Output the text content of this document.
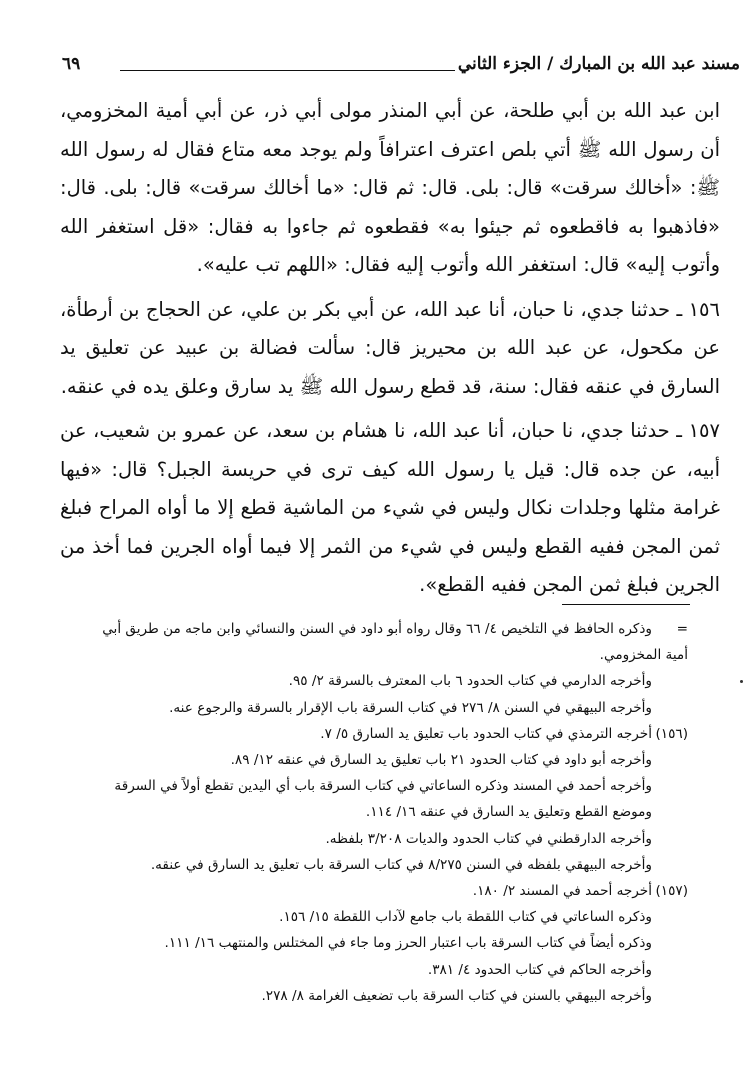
مسند عبد الله بن المبارك / الجزء الثاني
٦٩

ابن عبد الله بن أبي طلحة، عن أبي المنذر مولى أبي ذر، عن أبي أمية المخزومي، أن رسول الله ﷺ أتي بلص اعترف اعترافاً ولم يوجد معه متاع فقال له رسول الله ﷺ: «أخالك سرقت» قال: بلى. قال: ثم قال: «ما أخالك سرقت» قال: بلى. قال: «فاذهبوا به فاقطعوه ثم جيئوا به» فقطعوه ثم جاءوا به فقال: «قل استغفر الله وأتوب إليه» قال: استغفر الله وأتوب إليه فقال: «اللهم تب عليه».

١٥٦ ـ حدثنا جدي، نا حبان، أنا عبد الله، عن أبي بكر بن علي، عن الحجاج بن أرطأة، عن مكحول، عن عبد الله بن محيريز قال: سألت فضالة بن عبيد عن تعليق يد السارق في عنقه فقال: سنة، قد قطع رسول الله ﷺ يد سارق وعلق يده في عنقه.

١٥٧ ـ حدثنا جدي، نا حبان، أنا عبد الله، نا هشام بن سعد، عن عمرو بن شعيب، عن أبيه، عن جده قال: قيل يا رسول الله كيف ترى في حريسة الجبل؟ قال: «فيها غرامة مثلها وجلدات نكال وليس في شيء من الماشية قطع إلا ما أواه المراح فبلغ ثمن المجن ففيه القطع وليس في شيء من الثمر إلا فيما أواه الجرين فما أخذ من الجرين فبلغ ثمن المجن ففيه القطع».

=وذكره الحافظ في التلخيص ٤/ ٦٦ وقال رواه أبو داود في السنن والنسائي وابن ماجه من طريق أبي أمية المخزومي.

وأخرجه الدارمي في كتاب الحدود ٦ باب المعترف بالسرقة ٢/ ٩٥.

وأخرجه البيهقي في السنن ٨/ ٢٧٦ في كتاب السرقة باب الإقرار بالسرقة والرجوع عنه.

(١٥٦)أخرجه الترمذي في كتاب الحدود باب تعليق يد السارق ٥/ ٧.

وأخرجه أبو داود في كتاب الحدود ٢١ باب تعليق يد السارق في عنقه ١٢/ ٨٩.

وأخرجه أحمد في المسند وذكره الساعاتي في كتاب السرقة باب أي اليدين تقطع أولاً في السرقة وموضع القطع وتعليق يد السارق في عنقه ١٦/ ١١٤.

وأخرجه الدارقطني في كتاب الحدود والديات ٣/٢٠٨ بلفظه.

وأخرجه البيهقي بلفظه في السنن ٨/٢٧٥ في كتاب السرقة باب تعليق يد السارق في عنقه.

(١٥٧)أخرجه أحمد في المسند ٢/ ١٨٠.

وذكره الساعاتي في كتاب اللقطة باب جامع لآداب اللقطة ١٥/ ١٥٦.

وذكره أيضاً في كتاب السرقة باب اعتبار الحرز وما جاء في المختلس والمنتهب ١٦/ ١١١.

وأخرجه الحاكم في كتاب الحدود ٤/ ٣٨١.

وأخرجه البيهقي بالسنن في كتاب السرقة باب تضعيف الغرامة ٨/ ٢٧٨.
